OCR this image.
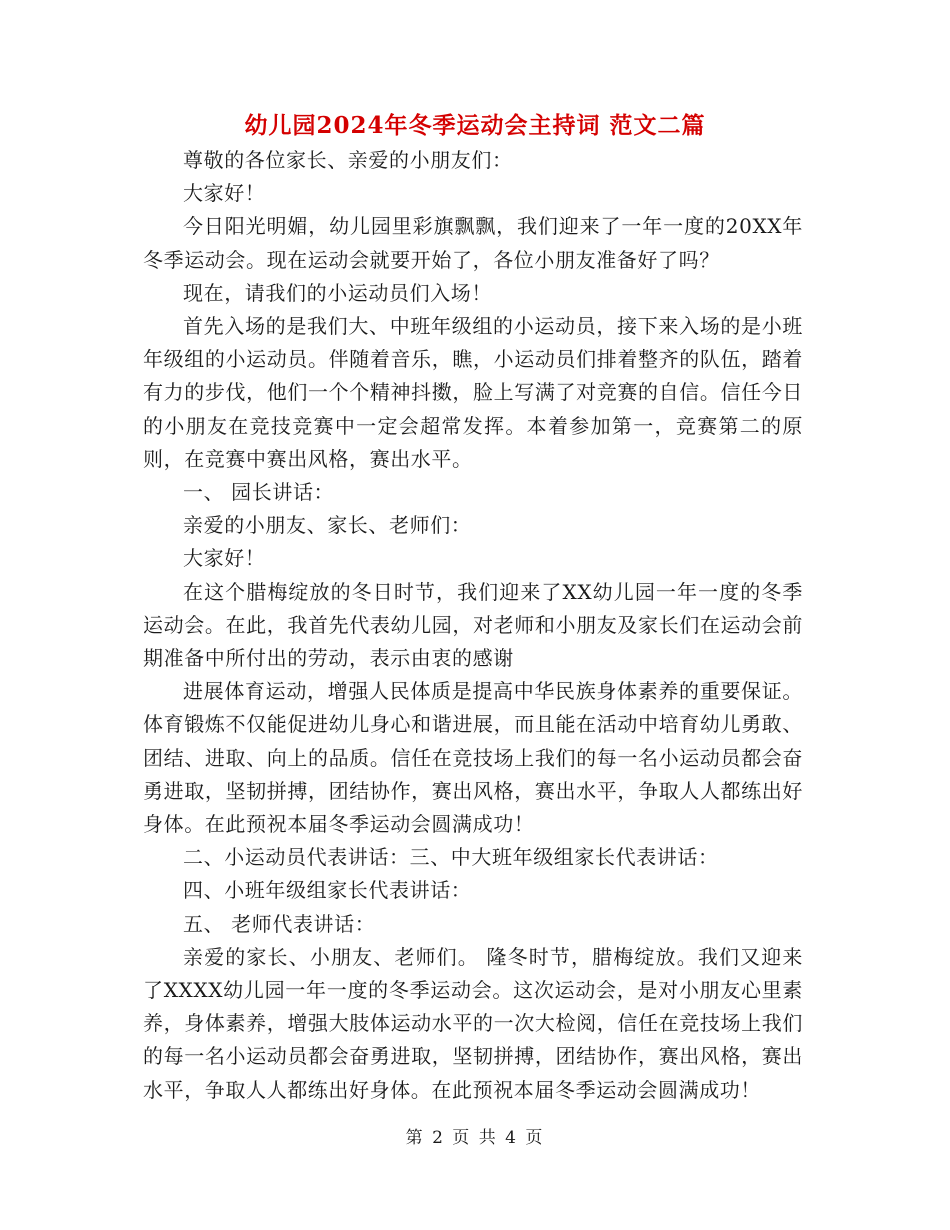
幼儿园2024年冬季运动会主持词 范文二篇

尊敬的各位家长、亲爱的小朋友们：

大家好！

今日阳光明媚，幼儿园里彩旗飘飘，我们迎来了一年一度的20XX年冬季运动会。现在运动会就要开始了，各位小朋友准备好了吗？

现在，请我们的小运动员们入场！

首先入场的是我们大、中班年级组的小运动员，接下来入场的是小班年级组的小运动员。伴随着音乐，瞧，小运动员们排着整齐的队伍，踏着有力的步伐，他们一个个精神抖擞，脸上写满了对竞赛的自信。信任今日的小朋友在竞技竞赛中一定会超常发挥。本着参加第一，竞赛第二的原则，在竞赛中赛出风格，赛出水平。

一、 园长讲话：

亲爱的小朋友、家长、老师们：

大家好！

在这个腊梅绽放的冬日时节，我们迎来了XX幼儿园一年一度的冬季运动会。在此，我首先代表幼儿园，对老师和小朋友及家长们在运动会前期准备中所付出的劳动，表示由衷的感谢

进展体育运动，增强人民体质是提高中华民族身体素养的重要保证。体育锻炼不仅能促进幼儿身心和谐进展，而且能在活动中培育幼儿勇敢、团结、进取、向上的品质。信任在竞技场上我们的每一名小运动员都会奋勇进取，坚韧拼搏，团结协作，赛出风格，赛出水平，争取人人都练出好身体。在此预祝本届冬季运动会圆满成功！

二、小运动员代表讲话：三、中大班年级组家长代表讲话：

四、小班年级组家长代表讲话：

五、 老师代表讲话：

亲爱的家长、小朋友、老师们。 隆冬时节，腊梅绽放。我们又迎来了XXXX幼儿园一年一度的冬季运动会。这次运动会，是对小朋友心里素养，身体素养，增强大肢体运动水平的一次大检阅，信任在竞技场上我们的每一名小运动员都会奋勇进取，坚韧拼搏，团结协作，赛出风格，赛出水平，争取人人都练出好身体。在此预祝本届冬季运动会圆满成功！

第 2 页 共 4 页
